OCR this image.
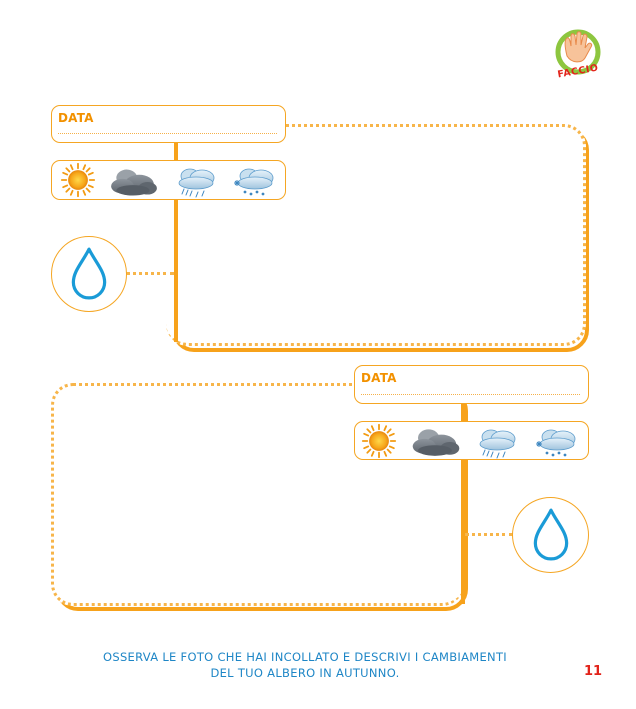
FACCIO
DATA
DATA
OSSERVA LE FOTO CHE HAI INCOLLATO E DESCRIVI I CAMBIAMENTI
DEL TUO ALBERO IN AUTUNNO.	11
